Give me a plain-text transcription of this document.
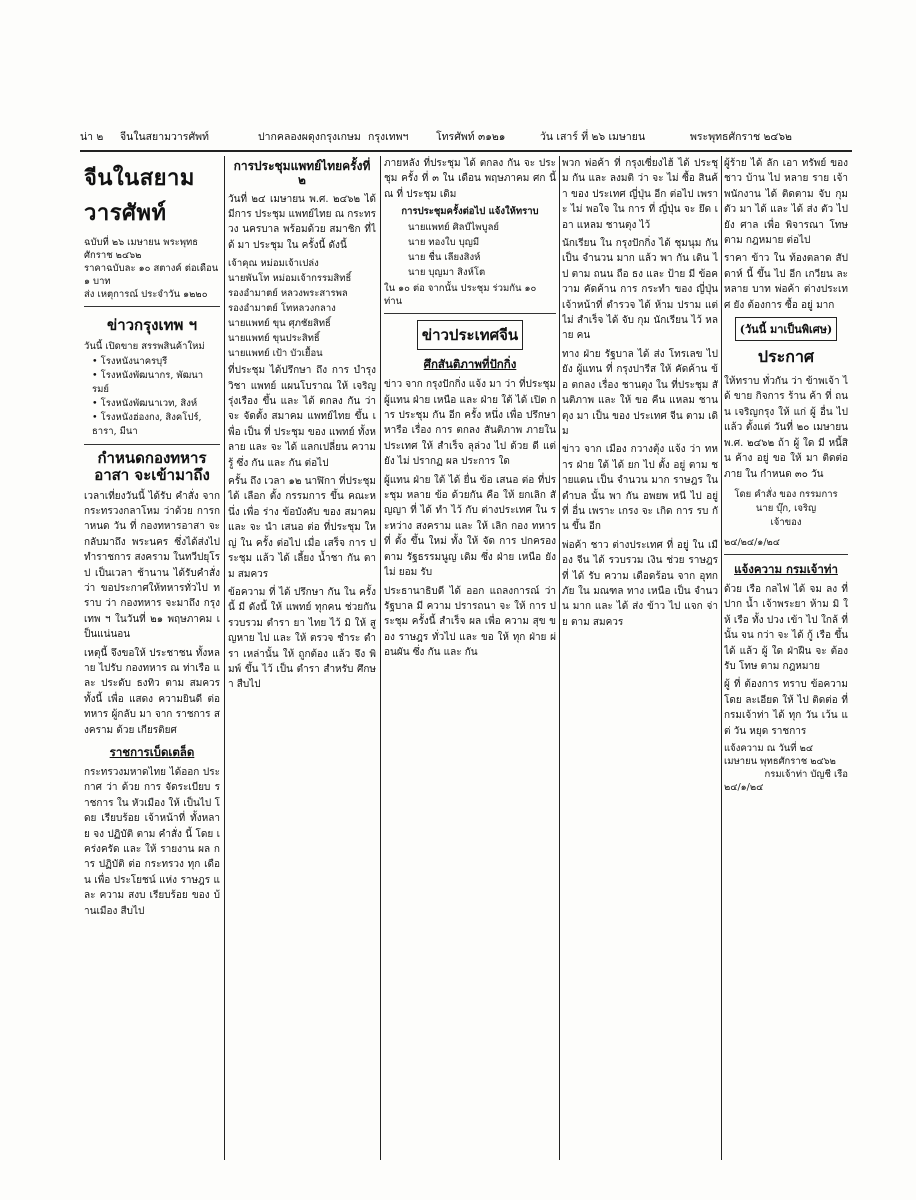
น่า ๒ จีนในสยามวารศัพท์	ปากคลองผดุงกรุงเกษม กรุงเทพฯ	โทรศัพท์ ๓๑๒๑	วัน เสาร์ ที่ ๒๖ เมษายน	พระพุทธศักราช ๒๔๖๒
จีนในสยามวารศัพท์

ฉบับที่ ๒๖ เมษายน พระพุทธศักราช ๒๔๖๒

ราคาฉบับละ ๑๐ สตางค์ ต่อเดือน ๑ บาท

ส่ง เหตุการณ์ ประจำวัน ๑๒๒๐

ข่าวกรุงเทพ ฯ

วันนี้ เปิดขาย สรรพสินค้าใหม่

• โรงหนังนาครบุรี
• โรงหนังพัฒนากร, พัฒนารมย์
• โรงหนังพัฒนาเวท, สิงห์
• โรงหนังฮ่องกง, สิงคโปร์, ธารา, มีนา
กำหนดกองทหารอาสา จะเข้ามาถึง

เวลาเที่ยงวันนี้ ได้รับ คำสั่ง จากกระทรวงกลาโหม ว่าด้วย การกำหนด วัน ที่ กองทหารอาสา จะกลับมาถึง พระนคร ซึ่งได้ส่งไปทำราชการ สงคราม ในทวีปยุโรป เป็นเวลา ช้านาน ได้รับคำสั่ง ว่า ขอประกาศให้ทหารทั่วไป ทราบ ว่า กองทหาร จะมาถึง กรุงเทพ ฯ ในวันที่ ๒๑ พฤษภาคม เป็นแน่นอน

เหตุนี้ จึงขอให้ ประชาชน ทั้งหลาย ไปรับ กองทหาร ณ ท่าเรือ และ ประดับ ธงทิว ตาม สมควร ทั้งนี้ เพื่อ แสดง ความยินดี ต่อ ทหาร ผู้กลับ มา จาก ราชการ สงคราม ด้วย เกียรติยศ

ราชการเบ็ดเตล็ด

กระทรวงมหาดไทย ได้ออก ประกาศ ว่า ด้วย การ จัดระเบียบ ราชการ ใน หัวเมือง ให้ เป็นไป โดย เรียบร้อย เจ้าหน้าที่ ทั้งหลาย จง ปฏิบัติ ตาม คำสั่ง นี้ โดย เคร่งครัด และ ให้ รายงาน ผล การ ปฏิบัติ ต่อ กระทรวง ทุก เดือน เพื่อ ประโยชน์ แห่ง ราษฎร และ ความ สงบ เรียบร้อย ของ บ้านเมือง สืบไป

การประชุมแพทย์ไทยครั้งที่ ๒

วันที่ ๒๔ เมษายน พ.ศ. ๒๔๖๒ ได้มีการ ประชุม แพทย์ไทย ณ กระทรวง นครบาล พร้อมด้วย สมาชิก ที่ได้ มา ประชุม ใน ครั้งนี้ ดังนี้

เจ้าคุณ หม่อมเจ้าเปล่ง
นายพันโท หม่อมเจ้ากรรมสิทธิ์
รองอำมาตย์ หลวงพระสารพล
รองอำมาตย์ โทหลวงกลาง
นายแพทย์ ขุน ศุภชัยสิทธิ์
นายแพทย์ ขุนประสิทธิ์
นายแพทย์ เป้า บัวเยื้อน

ที่ประชุม ได้ปรึกษา ถึง การ บำรุง วิชา แพทย์ แผนโบราณ ให้ เจริญ รุ่งเรือง ขึ้น และ ได้ ตกลง กัน ว่า จะ จัดตั้ง สมาคม แพทย์ไทย ขึ้น เพื่อ เป็น ที่ ประชุม ของ แพทย์ ทั้งหลาย และ จะ ได้ แลกเปลี่ยน ความรู้ ซึ่ง กัน และ กัน ต่อไป

ครั้น ถึง เวลา ๑๒ นาฬิกา ที่ประชุม ได้ เลือก ตั้ง กรรมการ ขึ้น คณะหนึ่ง เพื่อ ร่าง ข้อบังคับ ของ สมาคม และ จะ นำ เสนอ ต่อ ที่ประชุม ใหญ่ ใน ครั้ง ต่อไป เมื่อ เสร็จ การ ประชุม แล้ว ได้ เลี้ยง น้ำชา กัน ตาม สมควร

ข้อความ ที่ ได้ ปรึกษา กัน ใน ครั้งนี้ มี ดังนี้ ให้ แพทย์ ทุกคน ช่วยกัน รวบรวม ตำรา ยา ไทย ไว้ มิ ให้ สูญหาย ไป และ ให้ ตรวจ ชำระ ตำรา เหล่านั้น ให้ ถูกต้อง แล้ว จึง พิมพ์ ขึ้น ไว้ เป็น ตำรา สำหรับ ศึกษา สืบไป

ภายหลัง ที่ประชุม ได้ ตกลง กัน จะ ประชุม ครั้ง ที่ ๓ ใน เดือน พฤษภาคม ศก นี้ ณ ที่ ประชุม เดิม

การประชุมครั้งต่อไป แจ้งให้ทราบ

นายแพทย์ ศิลป์ไพบูลย์
นาย ทองใบ บุญมี
นาย ชื่น เลียงสิงห์
นาย บุญมา สิงห์โต

ใน ๑๐ ต่อ จากนั้น ประชุม ร่วมกัน ๑๐ ท่าน

ข่าวประเทศจีน
ศึกสันติภาพที่ปักกิ่ง

ข่าว จาก กรุงปักกิ่ง แจ้ง มา ว่า ที่ประชุม ผู้แทน ฝ่าย เหนือ และ ฝ่าย ใต้ ได้ เปิด การ ประชุม กัน อีก ครั้ง หนึ่ง เพื่อ ปรึกษา หารือ เรื่อง การ ตกลง สันติภาพ ภายใน ประเทศ ให้ สำเร็จ ลุล่วง ไป ด้วย ดี แต่ ยัง ไม่ ปรากฏ ผล ประการ ใด

ผู้แทน ฝ่าย ใต้ ได้ ยื่น ข้อ เสนอ ต่อ ที่ประชุม หลาย ข้อ ด้วยกัน คือ ให้ ยกเลิก สัญญา ที่ ได้ ทำ ไว้ กับ ต่างประเทศ ใน ระหว่าง สงคราม และ ให้ เลิก กอง ทหาร ที่ ตั้ง ขึ้น ใหม่ ทั้ง ให้ จัด การ ปกครอง ตาม รัฐธรรมนูญ เดิม ซึ่ง ฝ่าย เหนือ ยัง ไม่ ยอม รับ

ประธานาธิบดี ได้ ออก แถลงการณ์ ว่า รัฐบาล มี ความ ปรารถนา จะ ให้ การ ประชุม ครั้งนี้ สำเร็จ ผล เพื่อ ความ สุข ของ ราษฎร ทั่วไป และ ขอ ให้ ทุก ฝ่าย ผ่อนผัน ซึ่ง กัน และ กัน

พวก พ่อค้า ที่ กรุงเซี่ยงไฮ้ ได้ ประชุม กัน และ ลงมติ ว่า จะ ไม่ ซื้อ สินค้า ของ ประเทศ ญี่ปุ่น อีก ต่อไป เพราะ ไม่ พอใจ ใน การ ที่ ญี่ปุ่น จะ ยึด เอา แหลม ชานตุง ไว้

นักเรียน ใน กรุงปักกิ่ง ได้ ชุมนุม กัน เป็น จำนวน มาก แล้ว พา กัน เดิน ไป ตาม ถนน ถือ ธง และ ป้าย มี ข้อความ คัดค้าน การ กระทำ ของ ญี่ปุ่น เจ้าหน้าที่ ตำรวจ ได้ ห้าม ปราม แต่ ไม่ สำเร็จ ได้ จับ กุม นักเรียน ไว้ หลาย คน

ทาง ฝ่าย รัฐบาล ได้ ส่ง โทรเลข ไป ยัง ผู้แทน ที่ กรุงปารีส ให้ คัดค้าน ข้อ ตกลง เรื่อง ชานตุง ใน ที่ประชุม สันติภาพ และ ให้ ขอ คืน แหลม ชานตุง มา เป็น ของ ประเทศ จีน ตาม เดิม

ข่าว จาก เมือง กวางตุ้ง แจ้ง ว่า ทหาร ฝ่าย ใต้ ได้ ยก ไป ตั้ง อยู่ ตาม ชายแดน เป็น จำนวน มาก ราษฎร ใน ตำบล นั้น พา กัน อพยพ หนี ไป อยู่ ที่ อื่น เพราะ เกรง จะ เกิด การ รบ กัน ขึ้น อีก

พ่อค้า ชาว ต่างประเทศ ที่ อยู่ ใน เมือง จีน ได้ รวบรวม เงิน ช่วย ราษฎร ที่ ได้ รับ ความ เดือดร้อน จาก อุทกภัย ใน มณฑล ทาง เหนือ เป็น จำนวน มาก และ ได้ ส่ง ข้าว ไป แจก จ่าย ตาม สมควร

ผู้ร้าย ได้ ลัก เอา ทรัพย์ ของ ชาว บ้าน ไป หลาย ราย เจ้าพนักงาน ได้ ติดตาม จับ กุม ตัว มา ได้ และ ได้ ส่ง ตัว ไป ยัง ศาล เพื่อ พิจารณา โทษ ตาม กฎหมาย ต่อไป

ราคา ข้าว ใน ท้องตลาด สัปดาห์ นี้ ขึ้น ไป อีก เกวียน ละ หลาย บาท พ่อค้า ต่างประเทศ ยัง ต้องการ ซื้อ อยู่ มาก

(วันนี้ มาเป็นพิเศษ)
ประกาศ

ให้ทราบ ทั่วกัน ว่า ข้าพเจ้า ได้ ขาย กิจการ ร้าน ค้า ที่ ถนน เจริญกรุง ให้ แก่ ผู้ อื่น ไป แล้ว ตั้งแต่ วันที่ ๒๐ เมษายน พ.ศ. ๒๔๖๒ ถ้า ผู้ ใด มี หนี้สิน ค้าง อยู่ ขอ ให้ มา ติดต่อ ภาย ใน กำหนด ๓๐ วัน

โดย คำสั่ง ของ กรรมการ
นาย บุ๊ก, เจริญ
เจ้าของ

๒๔/๒๔/๑/๒๔

แจ้งความ กรมเจ้าท่า

ด้วย เรือ กลไฟ ได้ จม ลง ที่ ปาก น้ำ เจ้าพระยา ห้าม มิ ให้ เรือ ทั้ง ปวง เข้า ไป ใกล้ ที่ นั้น จน กว่า จะ ได้ กู้ เรือ ขึ้น ได้ แล้ว ผู้ ใด ฝ่าฝืน จะ ต้อง รับ โทษ ตาม กฎหมาย

ผู้ ที่ ต้องการ ทราบ ข้อความ โดย ละเอียด ให้ ไป ติดต่อ ที่ กรมเจ้าท่า ได้ ทุก วัน เว้น แต่ วัน หยุด ราชการ

แจ้งความ ณ วันที่ ๒๔ เมษายน พุทธศักราช ๒๔๖๒

กรมเจ้าท่า บัญชี เรือ

๒๔/๑/๒๔
